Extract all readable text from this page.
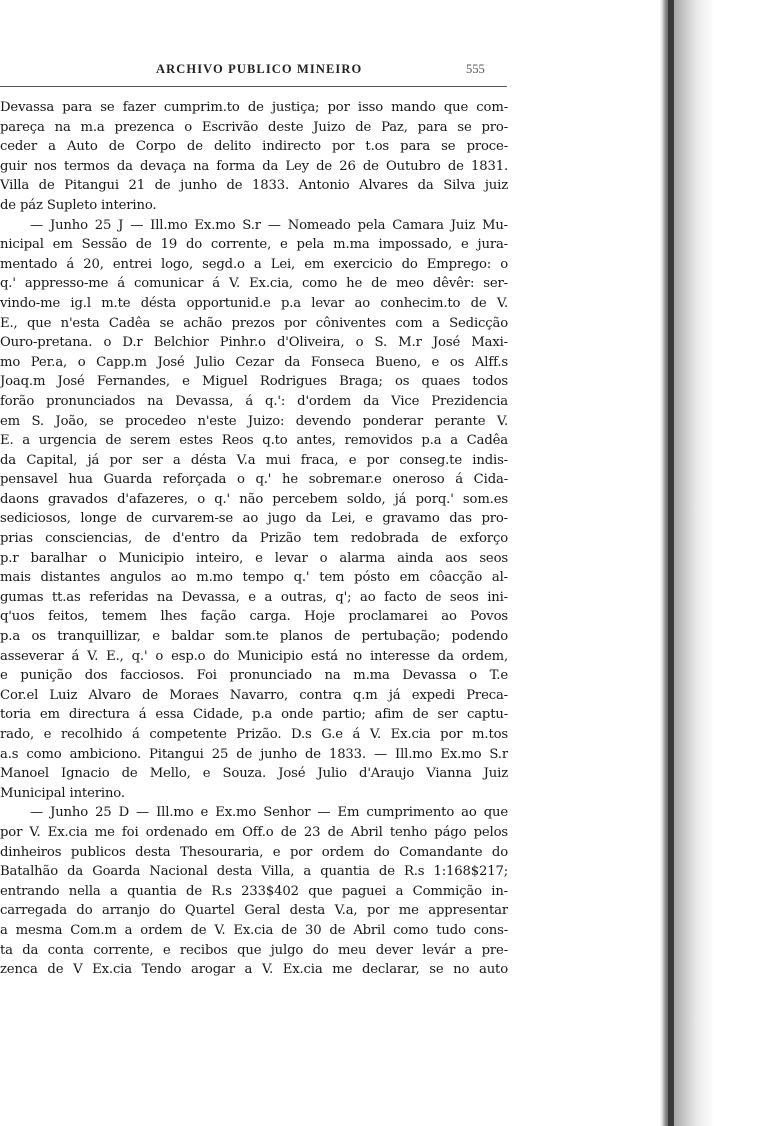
ARCHIVO PUBLICO MINEIRO	555
Devassa para se fazer cumprim.to de justiça; por isso mando que com-
pareça na m.a prezenca o Escrivão deste Juizo de Paz, para se pro-
ceder a Auto de Corpo de delito indirecto por t.os para se proce-
guir nos termos da devaça na forma da Ley de 26 de Outubro de 1831.
Villa de Pitangui 21 de junho de 1833. Antonio Alvares da Silva juiz
de páz Supleto interino.
— Junho 25 J — Ill.mo Ex.mo S.r — Nomeado pela Camara Juiz Mu-
nicipal em Sessão de 19 do corrente, e pela m.ma impossado, e jura-
mentado á 20, entrei logo, segd.o a Lei, em exercicio do Emprego: o
q.' appresso-me á comunicar á V. Ex.cia, como he de meo dêvêr: ser-
vindo-me ig.l m.te désta opportunid.e p.a levar ao conhecim.to de V.
E., que n'esta Cadêa se achão prezos por côniventes com a Sedicção
Ouro-pretana. o D.r Belchior Pinhr.o d'Oliveira, o S. M.r José Maxi-
mo Per.a, o Capp.m José Julio Cezar da Fonseca Bueno, e os Alff.s
Joaq.m José Fernandes, e Miguel Rodrigues Braga; os quaes todos
forão pronunciados na Devassa, á q.': d'ordem da Vice Prezidencia
em S. João, se procedeo n'este Juizo: devendo ponderar perante V.
E. a urgencia de serem estes Reos q.to antes, removidos p.a a Cadêa
da Capital, já por ser a désta V.a mui fraca, e por conseg.te indis-
pensavel hua Guarda reforçada o q.' he sobremar.e oneroso á Cida-
daons gravados d'afazeres, o q.' não percebem soldo, já porq.' som.es
sediciosos, longe de curvarem-se ao jugo da Lei, e gravamo das pro-
prias consciencias, de d'entro da Prizão tem redobrada de exforço
p.r baralhar o Municipio inteiro, e levar o alarma ainda aos seos
mais distantes angulos ao m.mo tempo q.' tem pósto em côacção al-
gumas tt.as referidas na Devassa, e a outras, q'; ao facto de seos ini-
q'uos feitos, temem lhes fação carga. Hoje proclamarei ao Povos
p.a os tranquillizar, e baldar som.te planos de pertubação; podendo
asseverar á V. E., q.' o esp.o do Municipio está no interesse da ordem,
e punição dos facciosos. Foi pronunciado na m.ma Devassa o T.e
Cor.el Luiz Alvaro de Moraes Navarro, contra q.m já expedi Preca-
toria em directura á essa Cidade, p.a onde partio; afim de ser captu-
rado, e recolhido á competente Prizão. D.s G.e á V. Ex.cia por m.tos
a.s como ambiciono. Pitangui 25 de junho de 1833. — Ill.mo Ex.mo S.r
Manoel Ignacio de Mello, e Souza. José Julio d'Araujo Vianna Juiz
Municipal interino.
— Junho 25 D — Ill.mo e Ex.mo Senhor — Em cumprimento ao que
por V. Ex.cia me foi ordenado em Off.o de 23 de Abril tenho págo pelos
dinheiros publicos desta Thesouraria, e por ordem do Comandante do
Batalhão da Goarda Nacional desta Villa, a quantia de R.s 1:168$217;
entrando nella a quantia de R.s 233$402 que paguei a Commição in-
carregada do arranjo do Quartel Geral desta V.a, por me appresentar
a mesma Com.m a ordem de V. Ex.cia de 30 de Abril como tudo cons-
ta da conta corrente, e recibos que julgo do meu dever levár a pre-
zenca de V Ex.cia Tendo arogar a V. Ex.cia me declarar, se no auto
